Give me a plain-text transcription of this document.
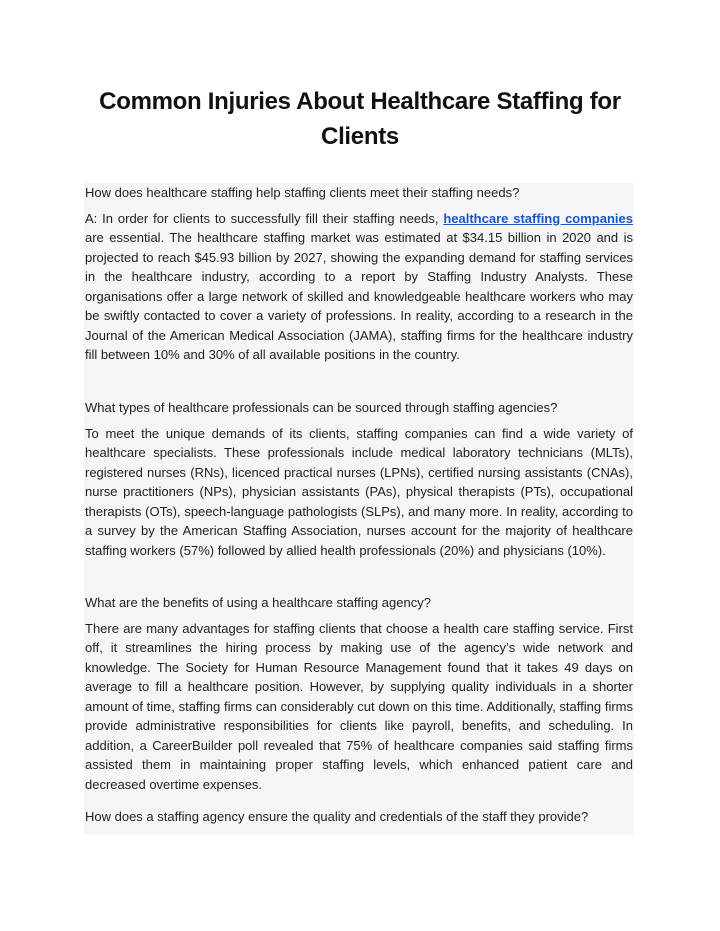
Common Injuries About Healthcare Staffing for Clients

How does healthcare staffing help staffing clients meet their staffing needs?

A: In order for clients to successfully fill their staffing needs, healthcare staffing companies are essential. The healthcare staffing market was estimated at $34.15 billion in 2020 and is projected to reach $45.93 billion by 2027, showing the expanding demand for staffing services in the healthcare industry, according to a report by Staffing Industry Analysts. These organisations offer a large network of skilled and knowledgeable healthcare workers who may be swiftly contacted to cover a variety of professions. In reality, according to a research in the Journal of the American Medical Association (JAMA), staffing firms for the healthcare industry fill between 10% and 30% of all available positions in the country.

What types of healthcare professionals can be sourced through staffing agencies?

To meet the unique demands of its clients, staffing companies can find a wide variety of healthcare specialists. These professionals include medical laboratory technicians (MLTs), registered nurses (RNs), licenced practical nurses (LPNs), certified nursing assistants (CNAs), nurse practitioners (NPs), physician assistants (PAs), physical therapists (PTs), occupational therapists (OTs), speech-language pathologists (SLPs), and many more. In reality, according to a survey by the American Staffing Association, nurses account for the majority of healthcare staffing workers (57%) followed by allied health professionals (20%) and physicians (10%).

What are the benefits of using a healthcare staffing agency?

There are many advantages for staffing clients that choose a health care staffing service. First off, it streamlines the hiring process by making use of the agency’s wide network and knowledge. The Society for Human Resource Management found that it takes 49 days on average to fill a healthcare position. However, by supplying quality individuals in a shorter amount of time, staffing firms can considerably cut down on this time. Additionally, staffing firms provide administrative responsibilities for clients like payroll, benefits, and scheduling. In addition, a CareerBuilder poll revealed that 75% of healthcare companies said staffing firms assisted them in maintaining proper staffing levels, which enhanced patient care and decreased overtime expenses.

How does a staffing agency ensure the quality and credentials of the staff they provide?
